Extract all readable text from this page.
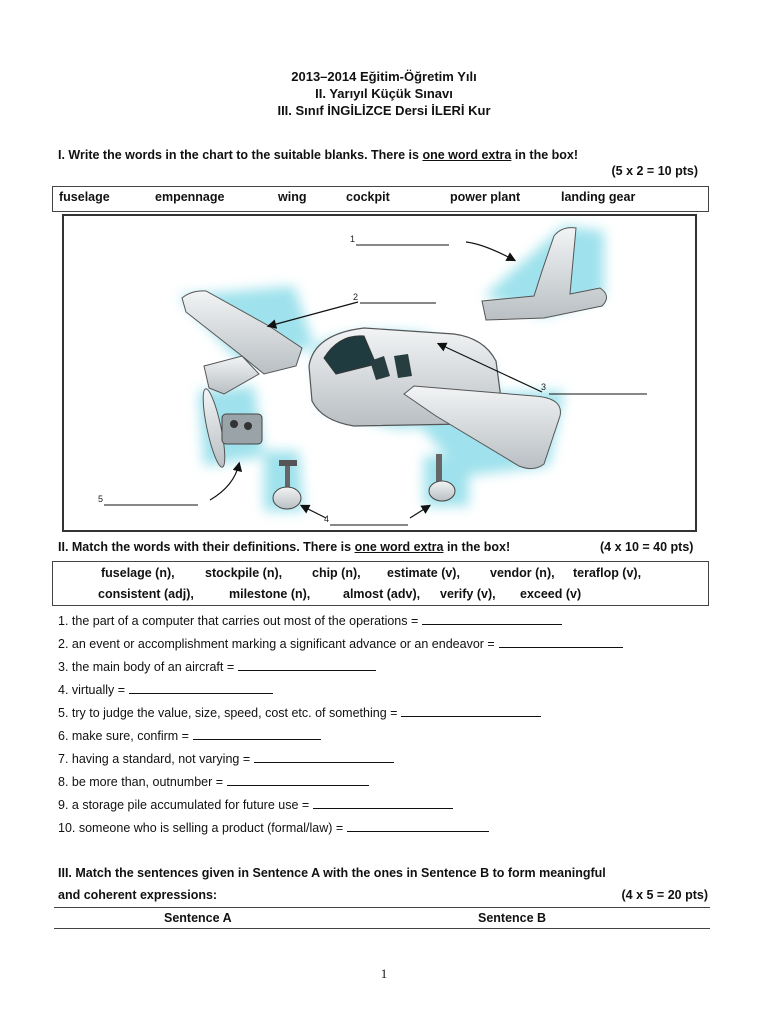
2013–2014 Eğitim-Öğretim Yılı
II. Yarıyıl Küçük Sınavı
III. Sınıf İNGİLİZCE Dersi İLERİ Kur
I. Write the words in the chart to the suitable blanks. There is one word extra in the box!
(5 x 2 = 10 pts)
fuselage	empennage	wing	cockpit	power plant	landing gear
1
2
3
5
4
II. Match the words with their definitions. There is one word extra in the box!	(4 x 10 = 40 pts)
fuselage (n), stockpile (n), chip (n), estimate (v), vendor (n), teraflop (v),
consistent (adj),	milestone (n),	almost (adv), verify (v), exceed (v)
1. the part of a computer that carries out most of the operations =
2. an event or accomplishment marking a significant advance or an endeavor =
3. the main body of an aircraft =
4. virtually =
5. try to judge the value, size, speed, cost etc. of something =
6. make sure, confirm =
7. having a standard, not varying =
8. be more than, outnumber =
9. a storage pile accumulated for future use =
10. someone who is selling a product (formal/law) =
III. Match the sentences given in Sentence A with the ones in Sentence B to form meaningful
and coherent expressions:	(4 x 5 = 20 pts)
Sentence A	Sentence B
1
